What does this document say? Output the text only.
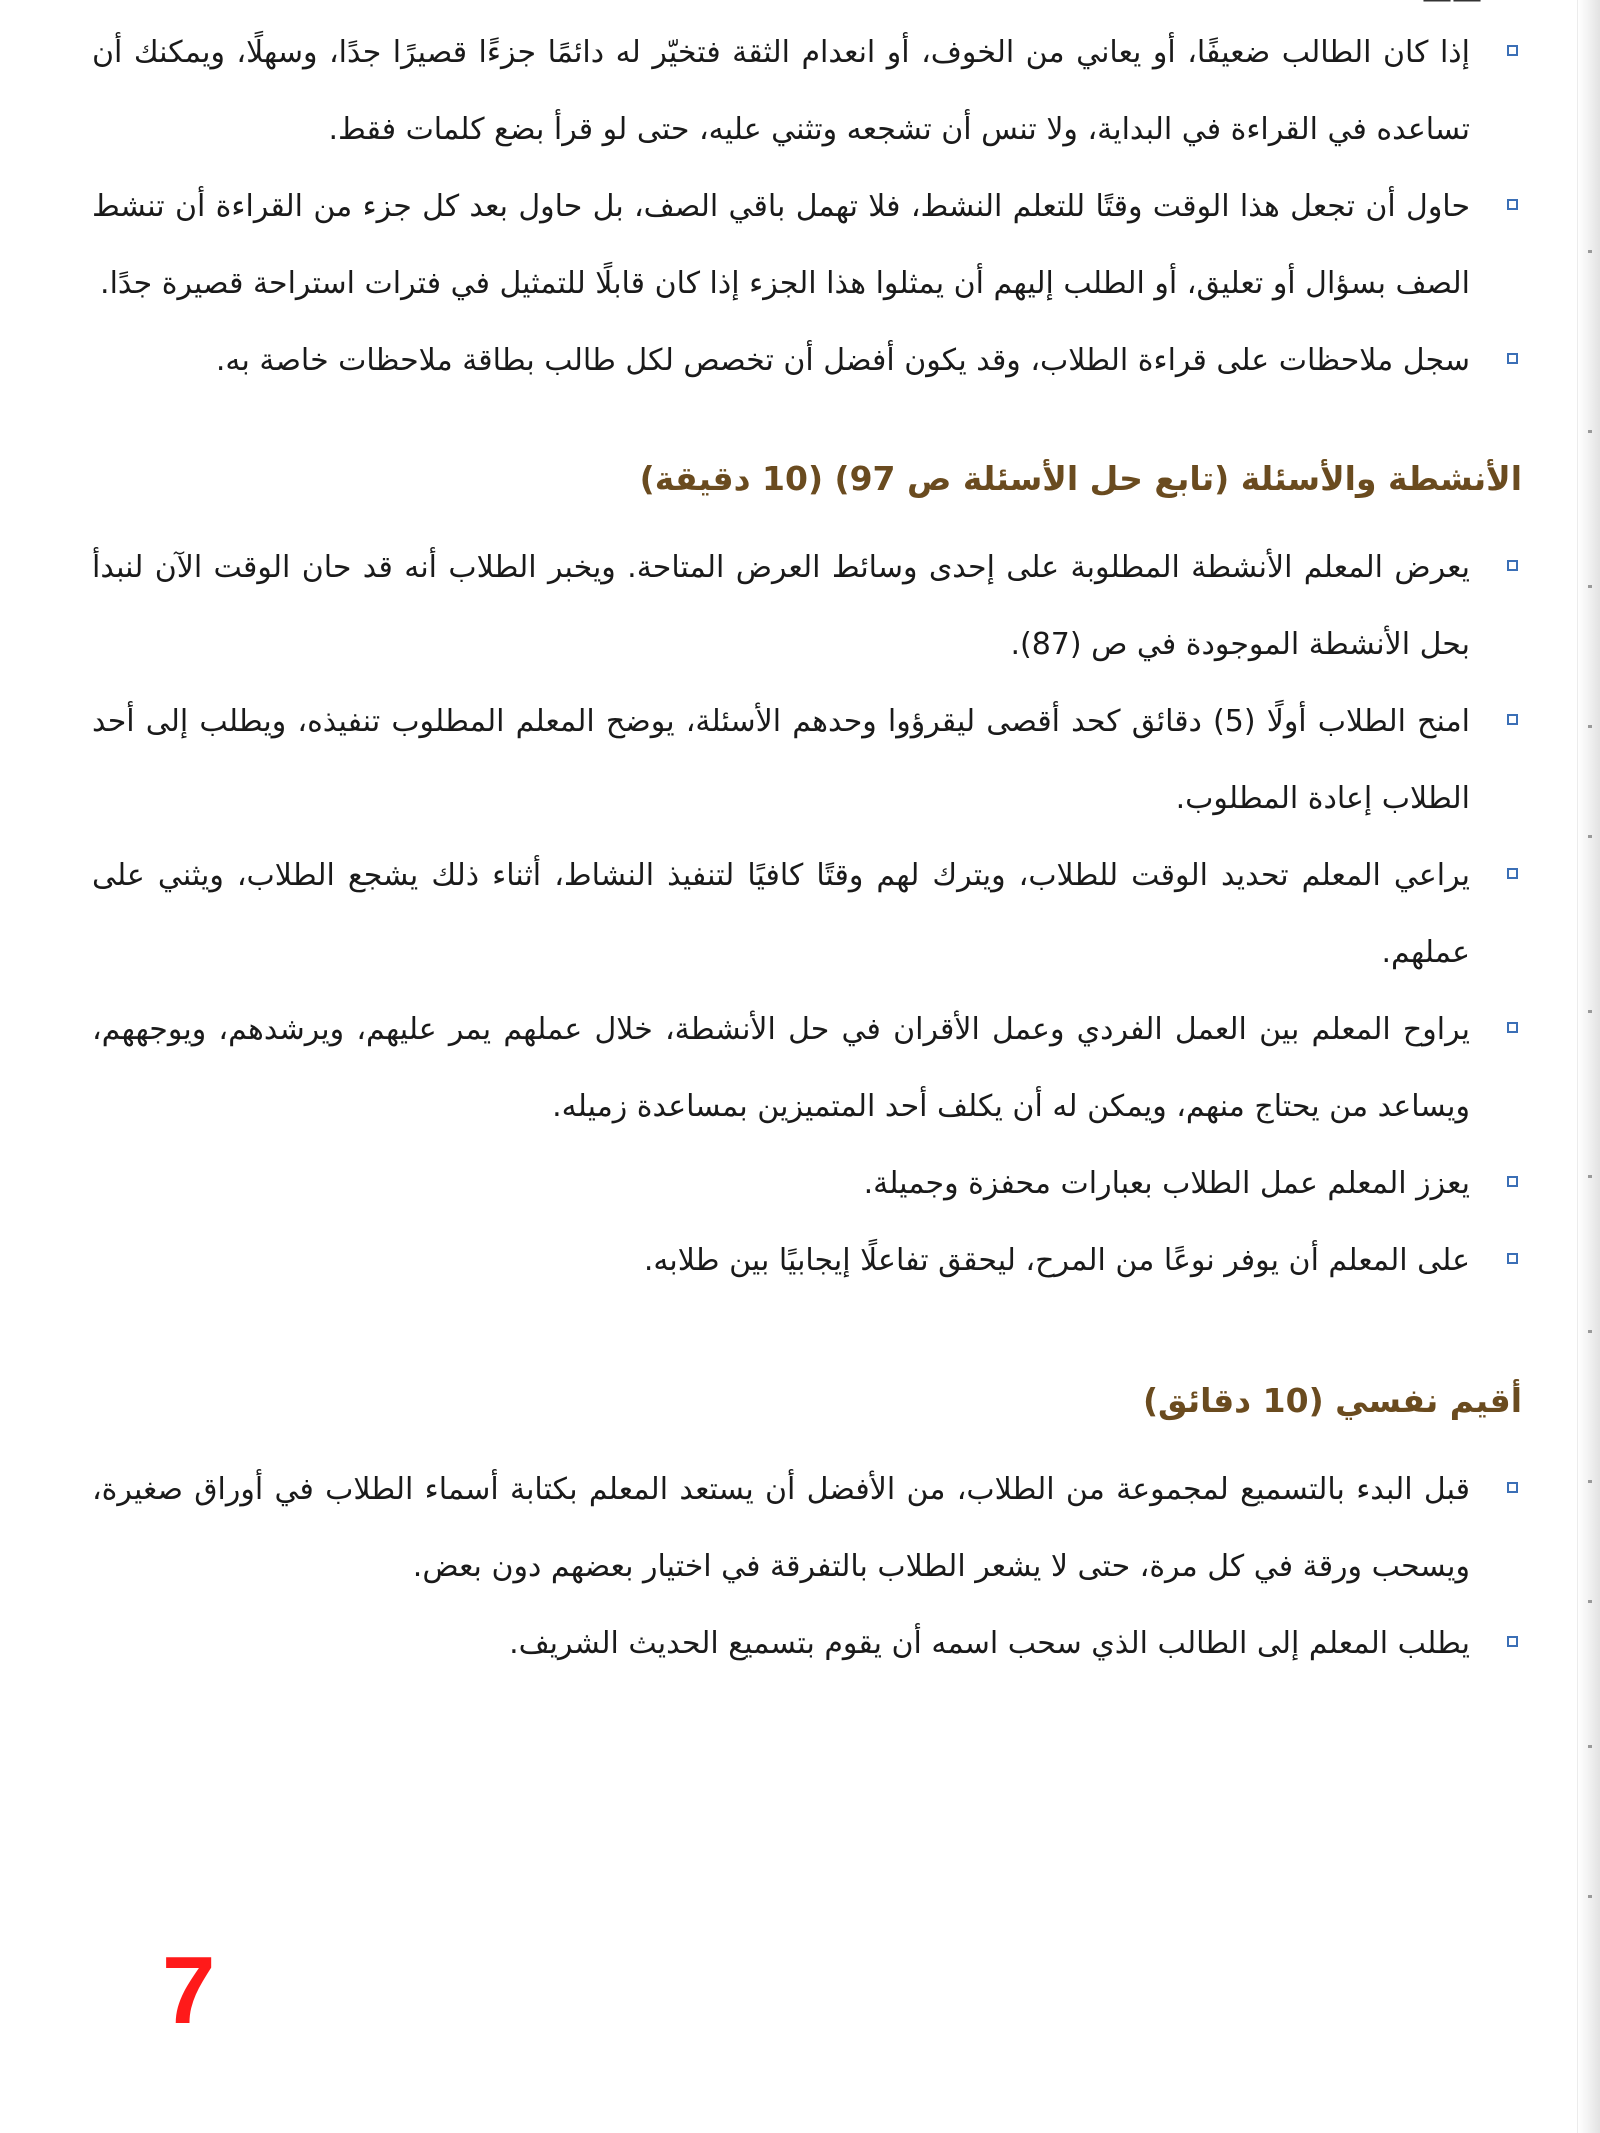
إذا كان الطالب ضعيفًا، أو يعاني من الخوف، أو انعدام الثقة فتخيّر له دائمًا جزءًا قصيرًا جدًا، وسهلًا، ويمكنك أن تساعده في القراءة في البداية، ولا تنس أن تشجعه وتثني عليه، حتى لو قرأ بضع كلمات فقط.
حاول أن تجعل هذا الوقت وقتًا للتعلم النشط، فلا تهمل باقي الصف، بل حاول بعد كل جزء من القراءة أن تنشط الصف بسؤال أو تعليق، أو الطلب إليهم أن يمثلوا هذا الجزء إذا كان قابلًا للتمثيل في فترات استراحة قصيرة جدًا.
سجل ملاحظات على قراءة الطلاب، وقد يكون أفضل أن تخصص لكل طالب بطاقة ملاحظات خاصة به.
الأنشطة والأسئلة (تابع حل الأسئلة ص 97) (10 دقيقة)
يعرض المعلم الأنشطة المطلوبة على إحدى وسائط العرض المتاحة. ويخبر الطلاب أنه قد حان الوقت الآن لنبدأ بحل الأنشطة الموجودة في ص (87).
امنح الطلاب أولًا (5) دقائق كحد أقصى ليقرؤوا وحدهم الأسئلة، يوضح المعلم المطلوب تنفيذه، ويطلب إلى أحد الطلاب إعادة المطلوب.
يراعي المعلم تحديد الوقت للطلاب، ويترك لهم وقتًا كافيًا لتنفيذ النشاط، أثناء ذلك يشجع الطلاب، ويثني على عملهم.
يراوح المعلم بين العمل الفردي وعمل الأقران في حل الأنشطة، خلال عملهم يمر عليهم، ويرشدهم، ويوجههم، ويساعد من يحتاج منهم، ويمكن له أن يكلف أحد المتميزين بمساعدة زميله.
يعزز المعلم عمل الطلاب بعبارات محفزة وجميلة.
على المعلم أن يوفر نوعًا من المرح، ليحقق تفاعلًا إيجابيًا بين طلابه.
أقيم نفسي (10 دقائق)
قبل البدء بالتسميع لمجموعة من الطلاب، من الأفضل أن يستعد المعلم بكتابة أسماء الطلاب في أوراق صغيرة، ويسحب ورقة في كل مرة، حتى لا يشعر الطلاب بالتفرقة في اختيار بعضهم دون بعض.
يطلب المعلم إلى الطالب الذي سحب اسمه أن يقوم بتسميع الحديث الشريف.
7
